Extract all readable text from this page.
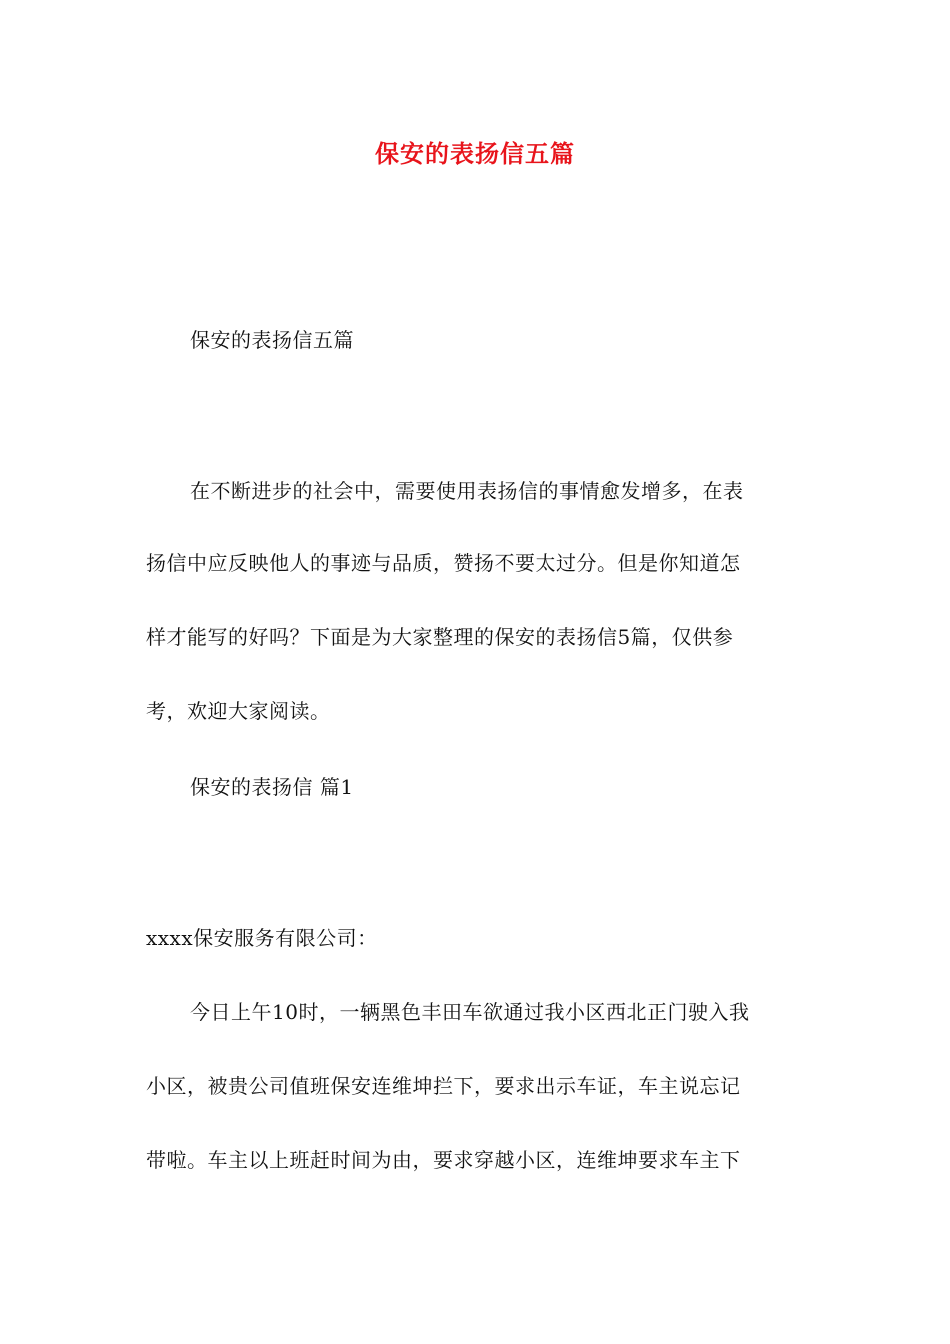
保安的表扬信五篇
保安的表扬信五篇
在不断进步的社会中，需要使用表扬信的事情愈发增多，在表
扬信中应反映他人的事迹与品质，赞扬不要太过分。但是你知道怎
样才能写的好吗？下面是为大家整理的保安的表扬信5篇，仅供参
考，欢迎大家阅读。
保安的表扬信 篇1
xxxx保安服务有限公司：
今日上午10时，一辆黑色丰田车欲通过我小区西北正门驶入我
小区，被贵公司值班保安连维坤拦下，要求出示车证，车主说忘记
带啦。车主以上班赶时间为由，要求穿越小区，连维坤要求车主下
